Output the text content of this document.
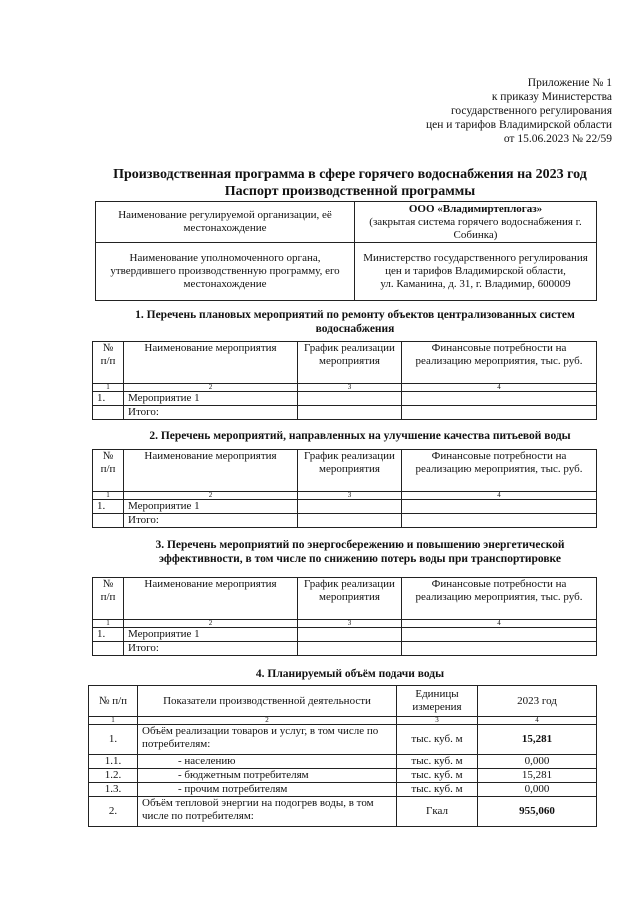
Приложение № 1
к приказу Министерства
государственного регулирования
цен и тарифов Владимирской области
от 15.06.2023 № 22/59
Производственная программа в сфере горячего водоснабжения на 2023 год
Паспорт производственной программы
Наименование регулируемой организации, её местонахождение	ООО «Владимиртеплогаз»
(закрытая система горячего водоснабжения г. Собинка)

Наименование уполномоченного органа, утвердившего производственную программу, его местонахождение	Министерство государственного регулирования цен и тарифов Владимирской области,
ул. Каманина, д. 31, г. Владимир, 600009
1. Перечень плановых мероприятий по ремонту объектов централизованных систем водоснабжения
№ п/п	Наименование мероприятия	График реализации мероприятия	Финансовые потребности на реализацию мероприятия, тыс. руб.
1	2	3	4
1.	Мероприятие 1		
	Итого:		
2. Перечень мероприятий, направленных на улучшение качества питьевой воды
№ п/п	Наименование мероприятия	График реализации мероприятия	Финансовые потребности на реализацию мероприятия, тыс. руб.
1	2	3	4
1.	Мероприятие 1		
	Итого:		
3. Перечень мероприятий по энергосбережению и повышению энергетической эффективности, в том числе по снижению потерь воды при транспортировке
№ п/п	Наименование мероприятия	График реализации мероприятия	Финансовые потребности на реализацию мероприятия, тыс. руб.
1	2	3	4
1.	Мероприятие 1		
	Итого:		
4. Планируемый объём подачи воды
№ п/п	Показатели производственной деятельности	Единицы измерения	2023 год
1	2	3	4
1.	Объём реализации товаров и услуг, в том числе по потребителям:	тыс. куб. м	15,281
1.1.	- населению	тыс. куб. м	0,000
1.2.	- бюджетным потребителям	тыс. куб. м	15,281
1.3.	- прочим потребителям	тыс. куб. м	0,000
2.	Объём тепловой энергии на подогрев воды, в том числе по потребителям:	Гкал	955,060
